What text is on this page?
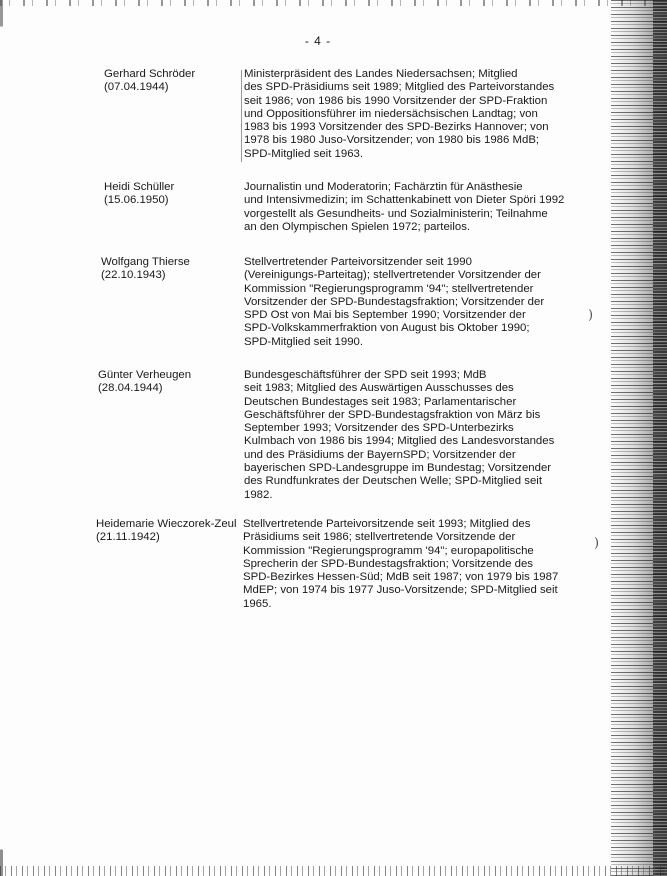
- 4 -
Gerhard Schröder
(07.04.1944)
Ministerpräsident des Landes Niedersachsen; Mitglied
des SPD-Präsidiums seit 1989; Mitglied des Parteivorstandes
seit 1986; von 1986 bis 1990 Vorsitzender der SPD-Fraktion
und Oppositionsführer im niedersächsischen Landtag; von
1983 bis 1993 Vorsitzender des SPD-Bezirks Hannover; von
1978 bis 1980 Juso-Vorsitzender; von 1980 bis 1986 MdB;
SPD-Mitglied seit 1963.
Heidi Schüller
(15.06.1950)
Journalistin und Moderatorin; Fachärztin für Anästhesie
und Intensivmedizin; im Schattenkabinett von Dieter Spöri 1992
vorgestellt als Gesundheits- und Sozialministerin; Teilnahme
an den Olympischen Spielen 1972; parteilos.
Wolfgang Thierse
(22.10.1943)
Stellvertretender Parteivorsitzender seit 1990
(Vereinigungs-Parteitag); stellvertretender Vorsitzender der
Kommission "Regierungsprogramm '94"; stellvertretender
Vorsitzender der SPD-Bundestagsfraktion; Vorsitzender der
SPD Ost von Mai bis September 1990; Vorsitzender der
SPD-Volkskammerfraktion von August bis Oktober 1990;
SPD-Mitglied seit 1990.
Günter Verheugen
(28.04.1944)
Bundesgeschäftsführer der SPD seit 1993; MdB
seit 1983; Mitglied des Auswärtigen Ausschusses des
Deutschen Bundestages seit 1983; Parlamentarischer
Geschäftsführer der SPD-Bundestagsfraktion von März bis
September 1993; Vorsitzender des SPD-Unterbezirks
Kulmbach von 1986 bis 1994; Mitglied des Landesvorstandes
und des Präsidiums der BayernSPD; Vorsitzender der
bayerischen SPD-Landesgruppe im Bundestag; Vorsitzender
des Rundfunkrates der Deutschen Welle; SPD-Mitglied seit
1982.
Heidemarie Wieczorek-Zeul
(21.11.1942)
Stellvertretende Parteivorsitzende seit 1993; Mitglied des
Präsidiums seit 1986; stellvertretende Vorsitzende der
Kommission "Regierungsprogramm '94"; europapolitische
Sprecherin der SPD-Bundestagsfraktion; Vorsitzende des
SPD-Bezirkes Hessen-Süd; MdB seit 1987; von 1979 bis 1987
MdEP; von 1974 bis 1977 Juso-Vorsitzende; SPD-Mitglied seit
1965.
)
)
